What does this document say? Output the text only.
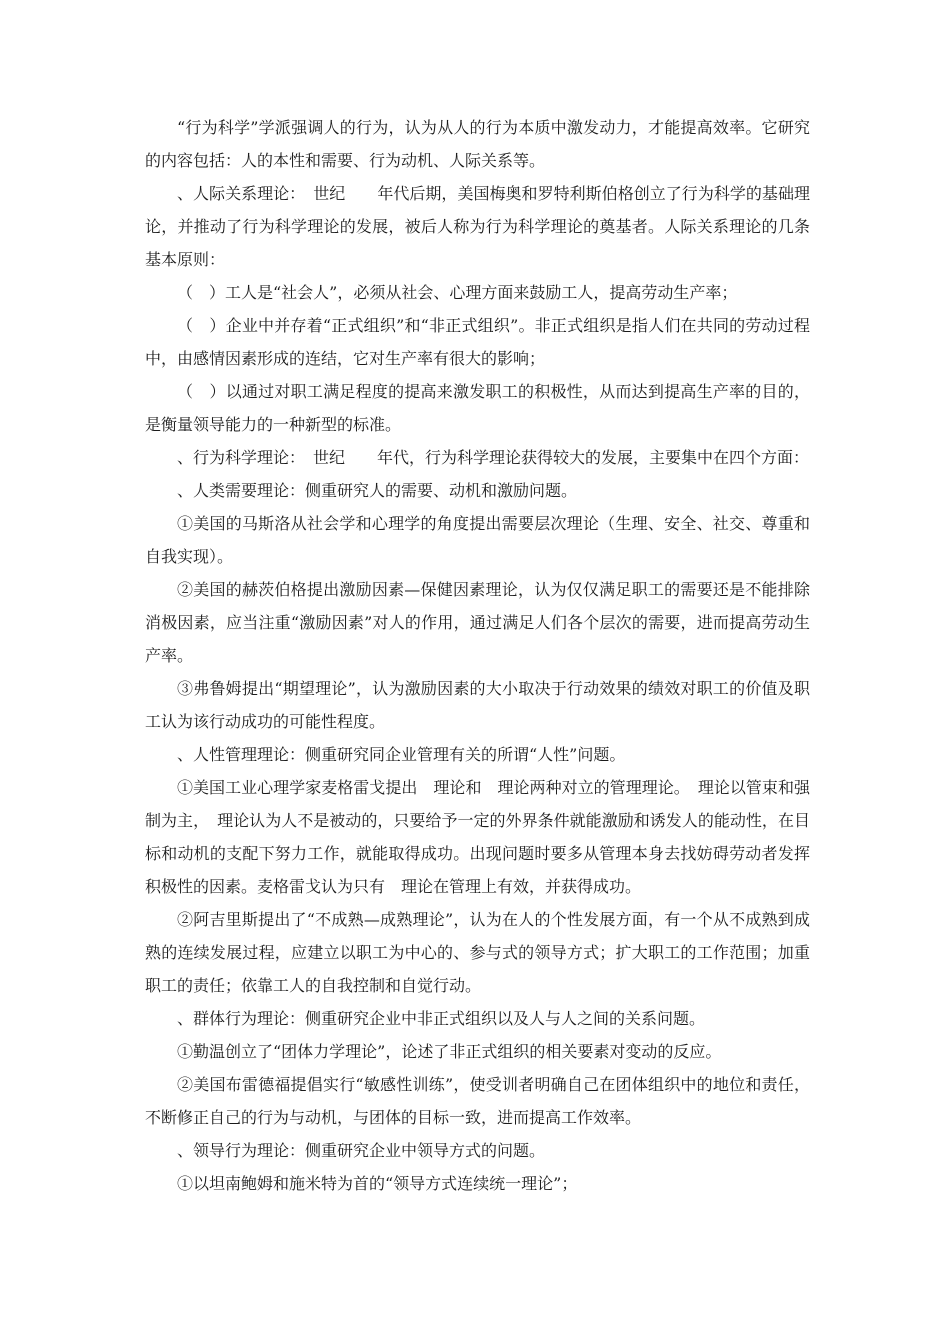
“行为科学”学派强调人的行为，认为从人的行为本质中激发动力，才能提高效率。它研究的内容包括：人的本性和需要、行为动机、人际关系等。

、人际关系理论：　世纪　　年代后期，美国梅奥和罗特利斯伯格创立了行为科学的基础理论，并推动了行为科学理论的发展，被后人称为行为科学理论的奠基者。人际关系理论的几条基本原则：

（　）工人是“社会人”，必须从社会、心理方面来鼓励工人，提高劳动生产率；

（　）企业中并存着“正式组织”和“非正式组织”。非正式组织是指人们在共同的劳动过程中，由感情因素形成的连结，它对生产率有很大的影响；

（　）以通过对职工满足程度的提高来激发职工的积极性，从而达到提高生产率的目的，是衡量领导能力的一种新型的标准。

、行为科学理论：　世纪　　年代，行为科学理论获得较大的发展，主要集中在四个方面：

、人类需要理论：侧重研究人的需要、动机和激励问题。

①美国的马斯洛从社会学和心理学的角度提出需要层次理论（生理、安全、社交、尊重和自我实现）。

②美国的赫茨伯格提出激励因素—保健因素理论，认为仅仅满足职工的需要还是不能排除消极因素，应当注重“激励因素”对人的作用，通过满足人们各个层次的需要，进而提高劳动生产率。

③弗鲁姆提出“期望理论”，认为激励因素的大小取决于行动效果的绩效对职工的价值及职工认为该行动成功的可能性程度。

、人性管理理论：侧重研究同企业管理有关的所谓“人性”问题。

①美国工业心理学家麦格雷戈提出　理论和　理论两种对立的管理理论。　理论以管束和强制为主，　理论认为人不是被动的，只要给予一定的外界条件就能激励和诱发人的能动性，在目标和动机的支配下努力工作，就能取得成功。出现问题时要多从管理本身去找妨碍劳动者发挥积极性的因素。麦格雷戈认为只有　理论在管理上有效，并获得成功。

②阿吉里斯提出了“不成熟—成熟理论”，认为在人的个性发展方面，有一个从不成熟到成熟的连续发展过程，应建立以职工为中心的、参与式的领导方式；扩大职工的工作范围；加重职工的责任；依靠工人的自我控制和自觉行动。

、群体行为理论：侧重研究企业中非正式组织以及人与人之间的关系问题。

①勤温创立了“团体力学理论”，论述了非正式组织的相关要素对变动的反应。

②美国布雷德福提倡实行“敏感性训练”，使受训者明确自己在团体组织中的地位和责任，不断修正自己的行为与动机，与团体的目标一致，进而提高工作效率。

、领导行为理论：侧重研究企业中领导方式的问题。

①以坦南鲍姆和施米特为首的“领导方式连续统一理论”；
